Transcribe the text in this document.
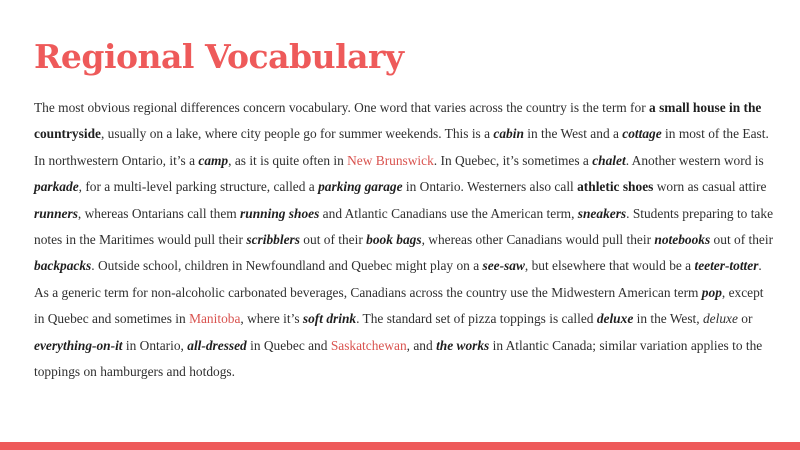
Regional Vocabulary

The most obvious regional differences concern vocabulary. One word that varies across the country is the term for a small house in the countryside, usually on a lake, where city people go for summer weekends. This is a cabin in the West and a cottage in most of the East. In northwestern Ontario, it’s a camp, as it is quite often in New Brunswick. In Quebec, it’s sometimes a chalet. Another western word is parkade, for a multi-level parking structure, called a parking garage in Ontario. Westerners also call athletic shoes worn as casual attire runners, whereas Ontarians call them running shoes and Atlantic Canadians use the American term, sneakers. Students preparing to take notes in the Maritimes would pull their scribblers out of their book bags, whereas other Canadians would pull their notebooks out of their backpacks. Outside school, children in Newfoundland and Quebec might play on a see-saw, but elsewhere that would be a teeter-totter. As a generic term for non-alcoholic carbonated beverages, Canadians across the country use the Midwestern American term pop, except in Quebec and sometimes in Manitoba, where it’s soft drink. The standard set of pizza toppings is called deluxe in the West, deluxe or everything-on-it in Ontario, all-dressed in Quebec and Saskatchewan, and the works in Atlantic Canada; similar variation applies to the toppings on hamburgers and hotdogs.
